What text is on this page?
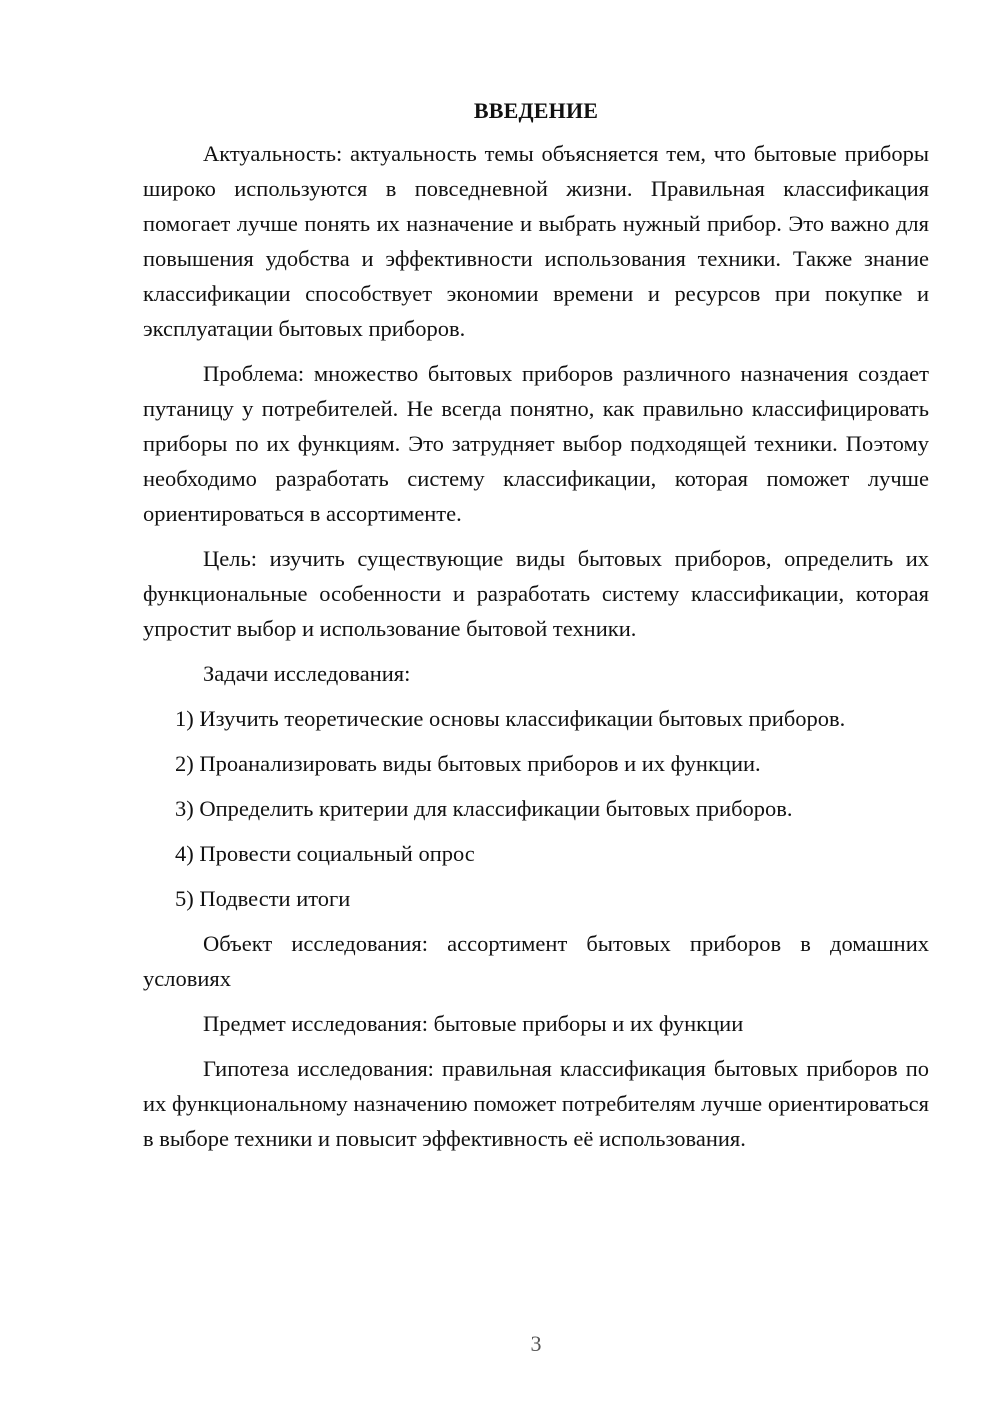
ВВЕДЕНИЕ

Актуальность: актуальность темы объясняется тем, что бытовые приборы широко используются в повседневной жизни. Правильная классификация помогает лучше понять их назначение и выбрать нужный прибор. Это важно для повышения удобства и эффективности использования техники. Также знание классификации способствует экономии времени и ресурсов при покупке и эксплуатации бытовых приборов.

Проблема: множество бытовых приборов различного назначения создает путаницу у потребителей. Не всегда понятно, как правильно классифицировать приборы по их функциям. Это затрудняет выбор подходящей техники. Поэтому необходимо разработать систему классификации, которая поможет лучше ориентироваться в ассортименте.

Цель: изучить существующие виды бытовых приборов, определить их функциональные особенности и разработать систему классификации, которая упростит выбор и использование бытовой техники.

Задачи исследования:

1) Изучить теоретические основы классификации бытовых приборов.
2) Проанализировать виды бытовых приборов и их функции.
3) Определить критерии для классификации бытовых приборов.
4) Провести социальный опрос
5) Подвести итоги

Объект исследования: ассортимент бытовых приборов в домашних условиях

Предмет исследования: бытовые приборы и их функции

Гипотеза исследования: правильная классификация бытовых приборов по их функциональному назначению поможет потребителям лучше ориентироваться в выборе техники и повысит эффективность её использования.

3
